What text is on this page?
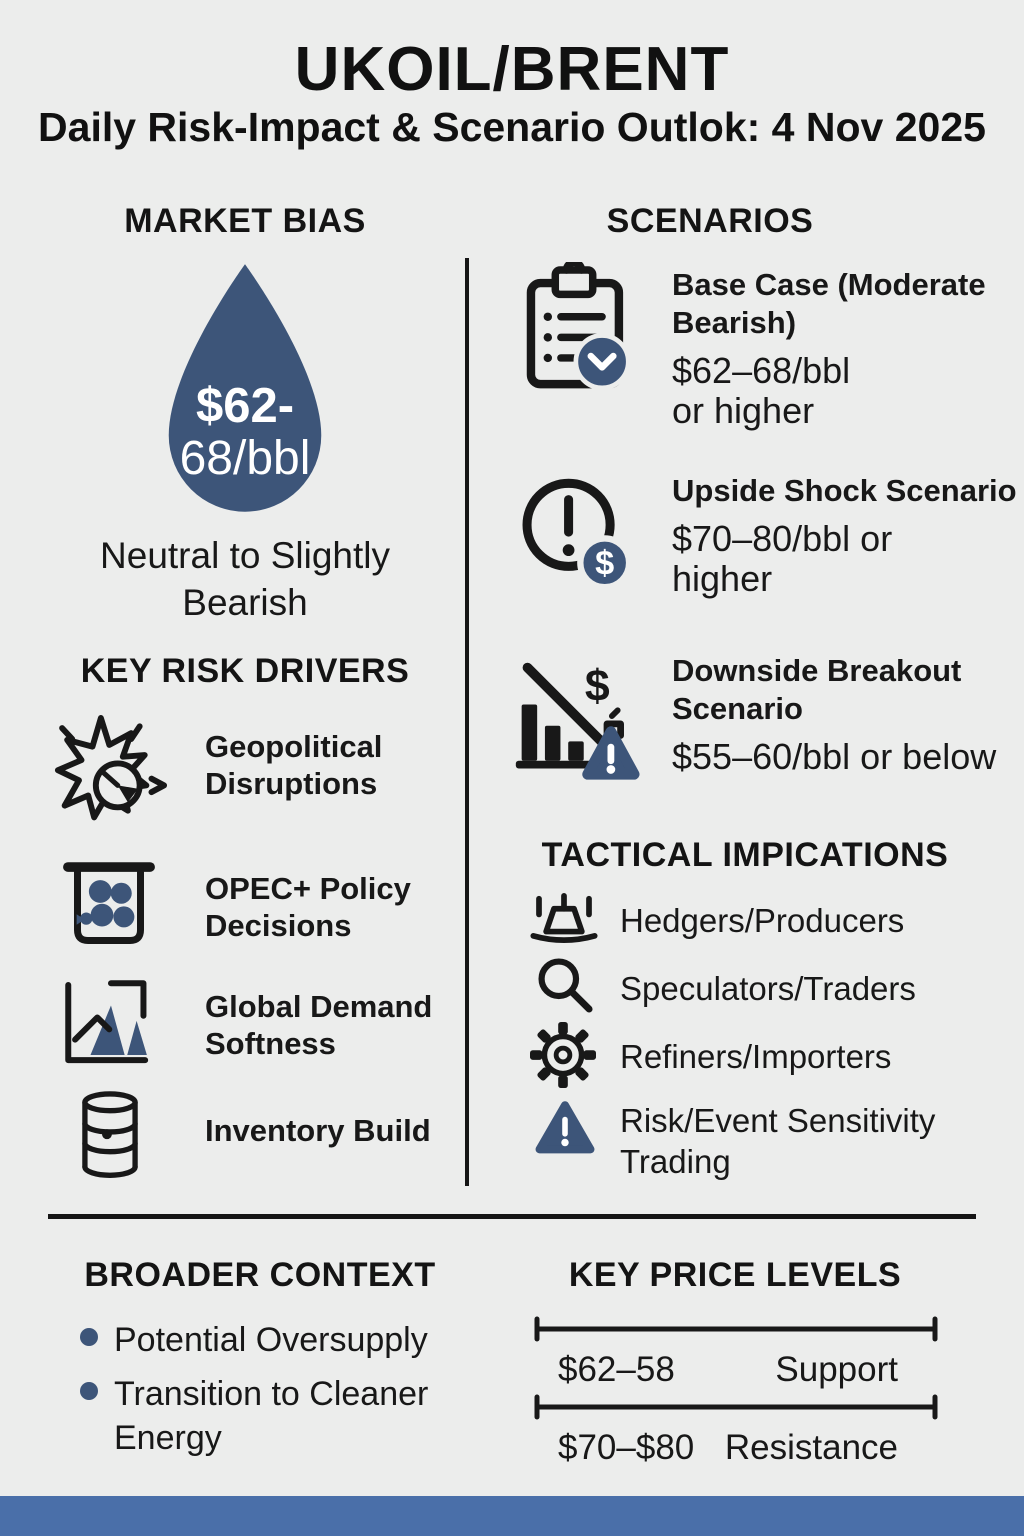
UKOIL/BRENT
Daily Risk-Impact & Scenario Outlok: 4 Nov 2025
MARKET BIAS	SCENARIOS
$62-
68/bbl
Neutral to Slightly Bearish
KEY RISK DRIVERS
Geopolitical Disruptions
OPEC+ Policy Decisions
Global Demand Softness
Inventory Build
Base Case (Moderate Bearish)
$62–68/bbl
or higher
$
Upside Shock Scenario
$70–80/bbl or
higher
$ Downside Breakout Scenario
$55–60/bbl or below
TACTICAL IMPICATIONS
Hedgers/Producers
Speculators/Traders
Refiners/Importers
Risk/Event Sensitivity Trading
BROADER CONTEXT
Potential Oversupply
Transition to Cleaner Energy
KEY PRICE LEVELS
$62–58	Support
$70–$80 Resistance
